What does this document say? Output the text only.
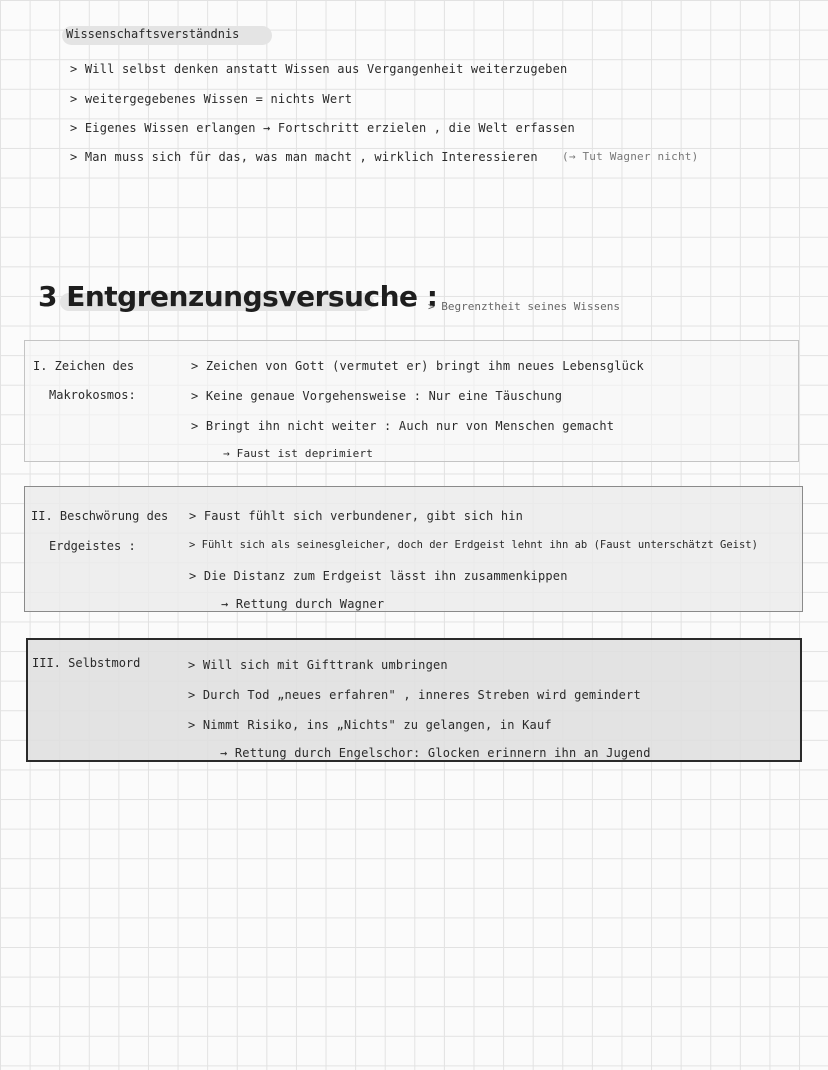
Wissenschaftsverständnis
> Will selbst denken anstatt Wissen aus Vergangenheit weiterzugeben
> weitergegebenes Wissen = nichts Wert
> Eigenes Wissen erlangen → Fortschritt erzielen , die Welt erfassen
> Man muss sich für das, was man macht , wirklich Interessieren (→ Tut Wagner nicht)
3 Entgrenzungsversuche :
> Begrenztheit seines Wissens
I. Zeichen des
Makrokosmos:
> Zeichen von Gott (vermutet er) bringt ihm neues Lebensglück
> Keine genaue Vorgehensweise : Nur eine Täuschung
> Bringt ihn nicht weiter : Auch nur von Menschen gemacht
→ Faust ist deprimiert
II. Beschwörung des
Erdgeistes :
> Faust fühlt sich verbundener, gibt sich hin
> Fühlt sich als seinesgleicher, doch der Erdgeist lehnt ihn ab (Faust unterschätzt Geist)
> Die Distanz zum Erdgeist lässt ihn zusammenkippen
→ Rettung durch Wagner
III. Selbstmord	> Will sich mit Gifttrank umbringen
> Durch Tod „neues erfahren" , inneres Streben wird gemindert
> Nimmt Risiko, ins „Nichts" zu gelangen, in Kauf
→ Rettung durch Engelschor: Glocken erinnern ihn an Jugend
